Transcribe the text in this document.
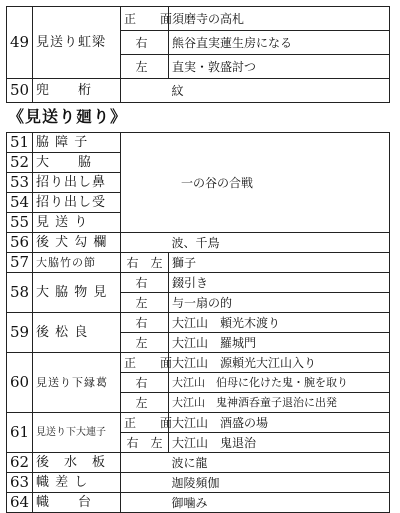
49	見送り虹梁	正　面	須磨寺の高札
		右	熊谷直実蓮生房になる
		左	直実・敦盛討つ
50	兜　　桁		紋
《見送り廻り》
51	脇 障 子	一の谷の合戦	
52	大　　脇		
53	招り出し鼻		
54	招り出し受		
55	見 送 り		
56	後 犬 勾 欄		波、千鳥
57	大脇竹の節	右　左	獅子
58	大 脇 物 見	右	錣引き
		左	与一扇の的
59	後 松 良	右	大江山　頼光木渡り
		左	大江山　羅城門
60	見送り下縁葛	正　面	大江山　源頼光大江山入り
		右	大江山　伯母に化けた鬼・腕を取り
		左	大江山　鬼神酒呑童子退治に出発
61	見送り下大連子	正　面	大江山　酒盛の場
		右　左	大江山　鬼退治
62	後　水　板		波に龍
63	幟 差 し		迦陵頻伽
64	幟　　台		御噛み
